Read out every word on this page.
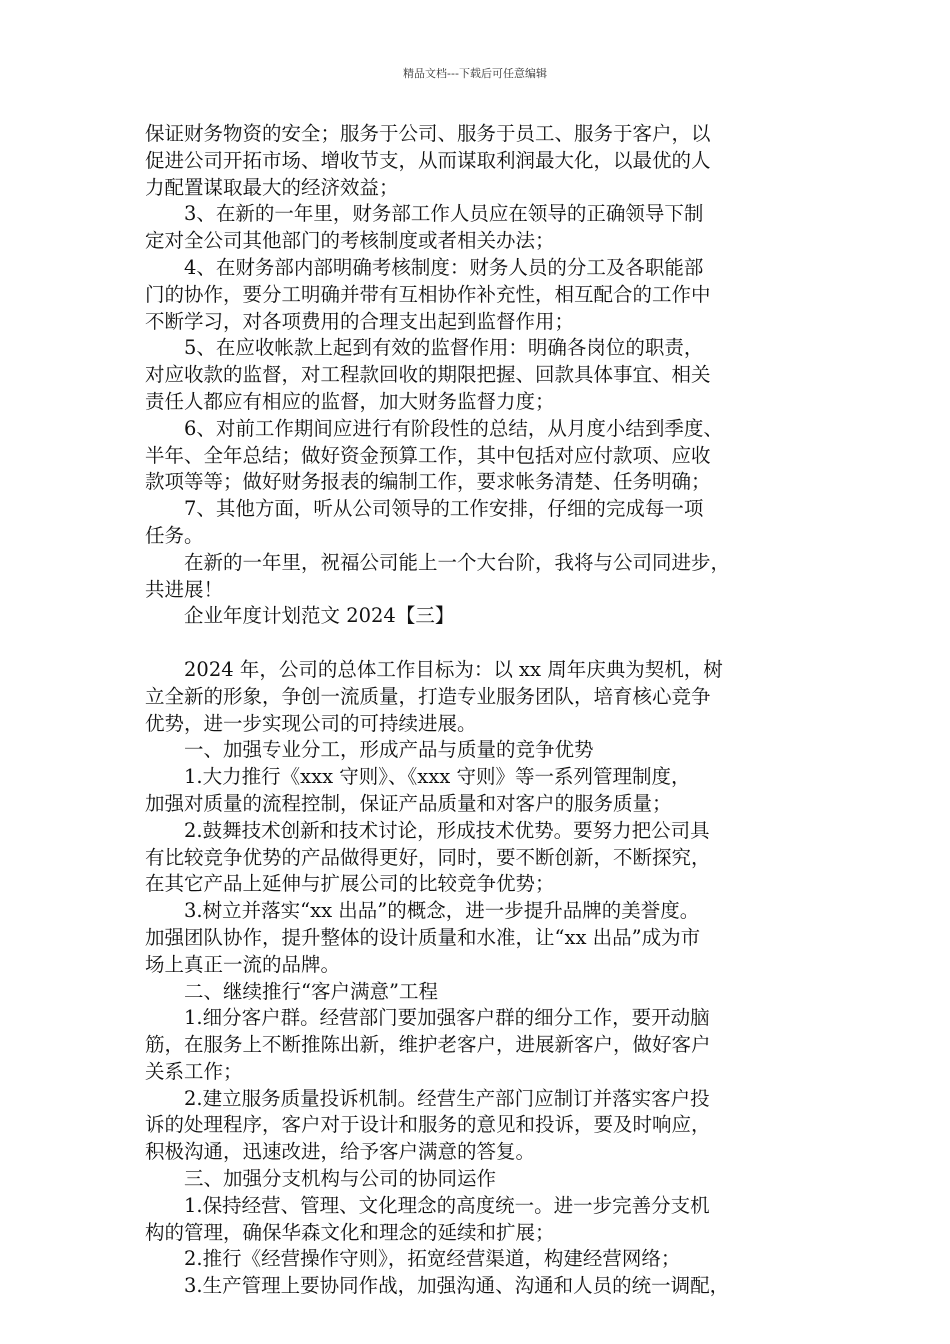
精品文档---下载后可任意编辑
保证财务物资的安全；服务于公司、服务于员工、服务于客户，以
促进公司开拓市场、增收节支，从而谋取利润最大化，以最优的人
力配置谋取最大的经济效益；
　　3、在新的一年里，财务部工作人员应在领导的正确领导下制
定对全公司其他部门的考核制度或者相关办法；
　　4、在财务部内部明确考核制度：财务人员的分工及各职能部
门的协作，要分工明确并带有互相协作补充性，相互配合的工作中
不断学习，对各项费用的合理支出起到监督作用；
　　5、在应收帐款上起到有效的监督作用：明确各岗位的职责，
对应收款的监督，对工程款回收的期限把握、回款具体事宜、相关
责任人都应有相应的监督，加大财务监督力度；
　　6、对前工作期间应进行有阶段性的总结，从月度小结到季度、
半年、全年总结；做好资金预算工作，其中包括对应付款项、应收
款项等等；做好财务报表的编制工作，要求帐务清楚、任务明确；
　　7、其他方面，听从公司领导的工作安排，仔细的完成每一项
任务。
　　在新的一年里，祝福公司能上一个大台阶，我将与公司同进步，
共进展！
　　企业年度计划范文 2024【三】
　　2024 年，公司的总体工作目标为：以 xx 周年庆典为契机，树
立全新的形象，争创一流质量，打造专业服务团队，培育核心竞争
优势，进一步实现公司的可持续进展。
　　一、加强专业分工，形成产品与质量的竞争优势
　　1.大力推行《xxx 守则》、《xxx 守则》等一系列管理制度，
加强对质量的流程控制，保证产品质量和对客户的服务质量；
　　2.鼓舞技术创新和技术讨论，形成技术优势。要努力把公司具
有比较竞争优势的产品做得更好，同时，要不断创新，不断探究，
在其它产品上延伸与扩展公司的比较竞争优势；
　　3.树立并落实“xx 出品”的概念，进一步提升品牌的美誉度。
加强团队协作，提升整体的设计质量和水准，让“xx 出品”成为市
场上真正一流的品牌。
　　二、继续推行“客户满意”工程
　　1.细分客户群。经营部门要加强客户群的细分工作，要开动脑
筋，在服务上不断推陈出新，维护老客户，进展新客户，做好客户
关系工作；
　　2.建立服务质量投诉机制。经营生产部门应制订并落实客户投
诉的处理程序，客户对于设计和服务的意见和投诉，要及时响应，
积极沟通，迅速改进，给予客户满意的答复。
　　三、加强分支机构与公司的协同运作
　　1.保持经营、管理、文化理念的高度统一。进一步完善分支机
构的管理，确保华森文化和理念的延续和扩展；
　　2.推行《经营操作守则》，拓宽经营渠道，构建经营网络；
　　3.生产管理上要协同作战，加强沟通、沟通和人员的统一调配，
